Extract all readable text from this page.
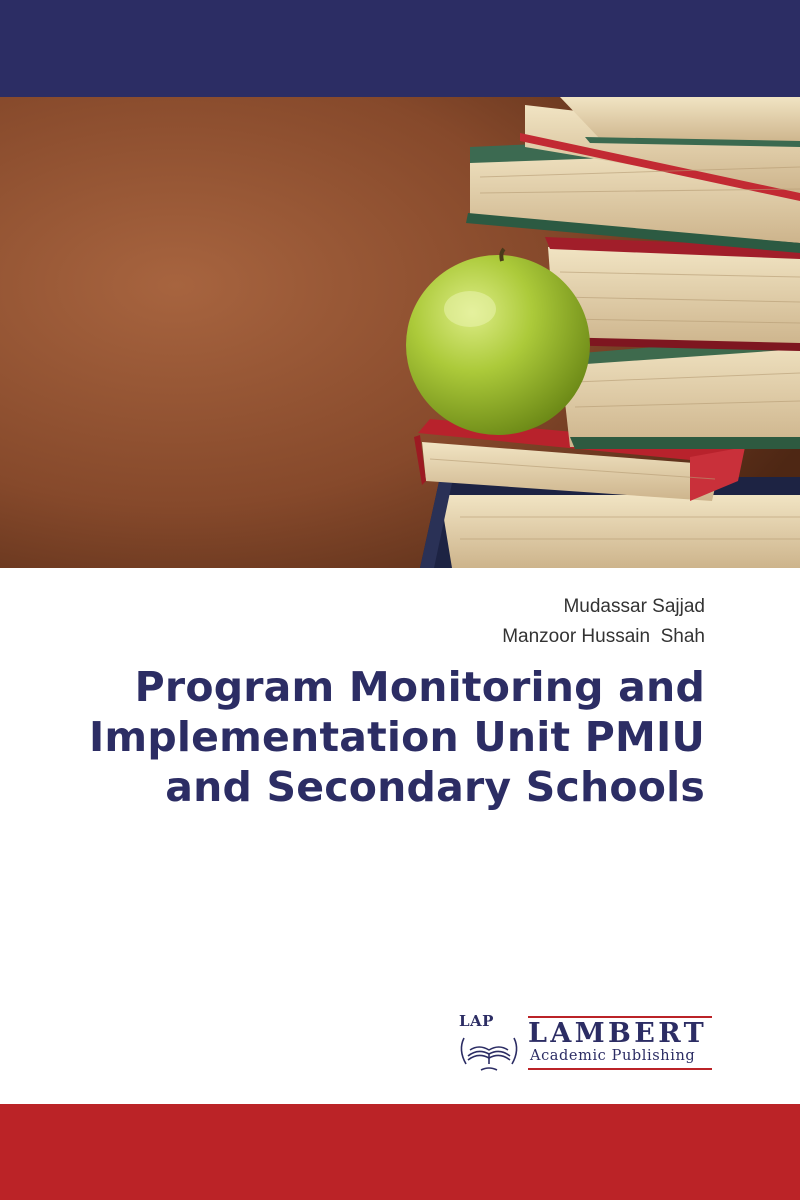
Mudassar Sajjad
Manzoor Hussain  Shah
Program Monitoring and
Implementation Unit PMIU
and Secondary Schools
LAP LAMBERT
Academic Publishing
